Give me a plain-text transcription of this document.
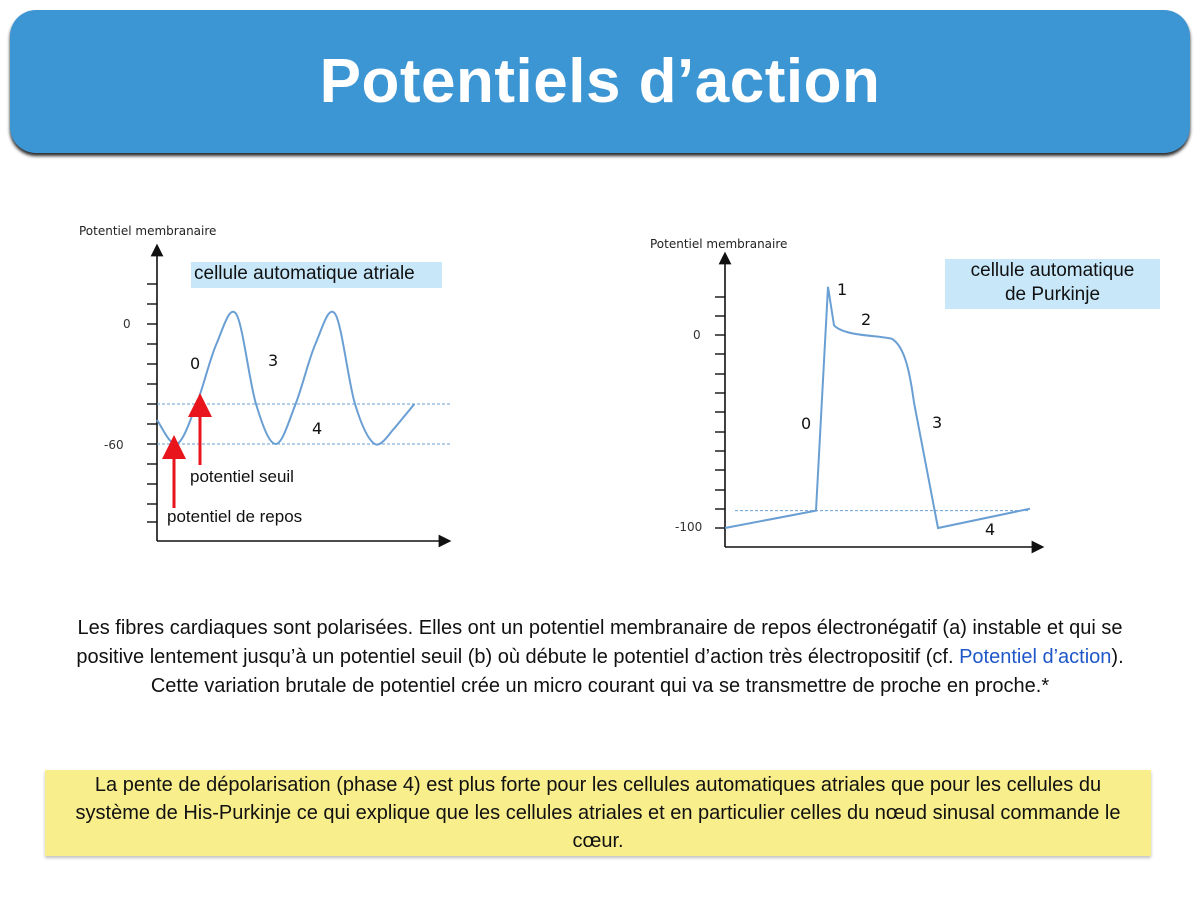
Potentiels d’action
Potentiel membranaire
0
-60
0	3
4
potentiel seuil
potentiel de repos
cellule automatique atriale
Potentiel membranaire
0
-100
1
2
0	3
4
cellule automatique de Purkinje
Les fibres cardiaques sont polarisées. Elles ont un potentiel membranaire de repos électronégatif (a) instable et qui se positive lentement jusqu’à un potentiel seuil (b) où débute le potentiel d’action très électropositif (cf. Potentiel d’action). Cette variation brutale de potentiel crée un micro courant qui va se transmettre de proche en proche.*
La pente de dépolarisation (phase 4) est plus forte pour les cellules automatiques atriales que pour les cellules du système de His-Purkinje ce qui explique que les cellules atriales et en particulier celles du nœud sinusal commande le cœur.
